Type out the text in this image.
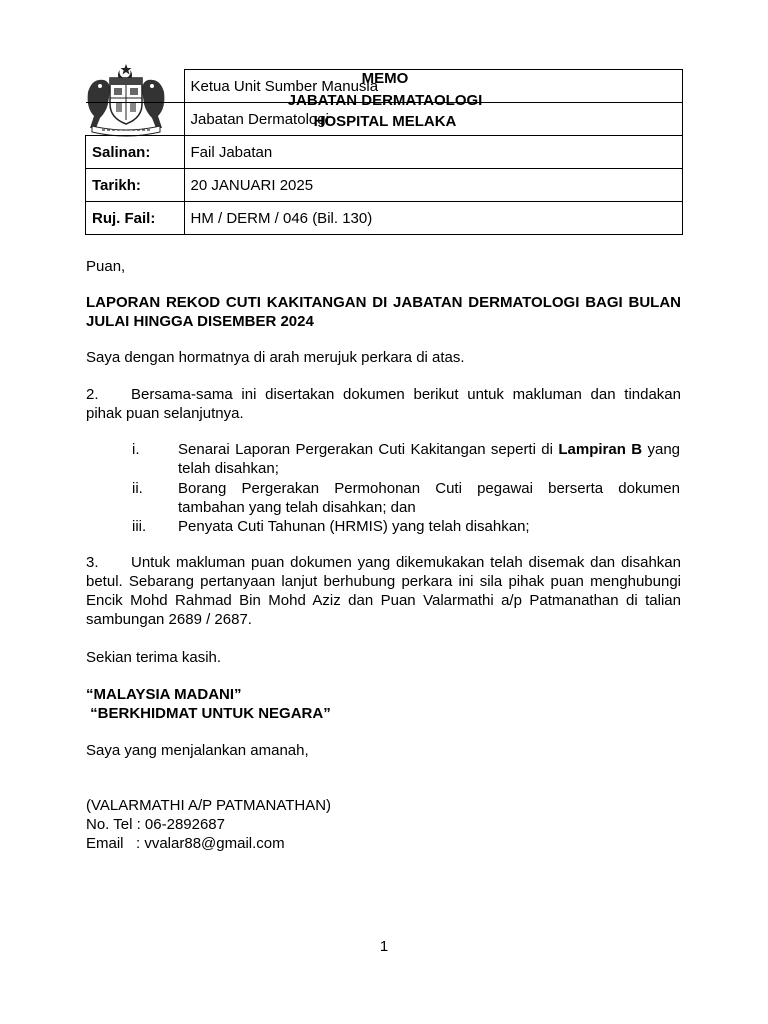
	Ketua Unit Sumber Manusia
	Jabatan Dermatologi
Salinan:	Fail Jabatan
Tarikh:	20 JANUARI 2025
Ruj. Fail:	HM / DERM / 046 (Bil. 130)
MEMO
JABATAN DERMATAOLOGI
HOSPITAL MELAKA
Puan,
LAPORAN REKOD CUTI KAKITANGAN DI JABATAN DERMATOLOGI BAGI BULAN JULAI HINGGA DISEMBER 2024
Saya dengan hormatnya di arah merujuk perkara di atas.
2. Bersama-sama ini disertakan dokumen berikut untuk makluman dan tindakan pihak puan selanjutnya.
i.	Senarai Laporan Pergerakan Cuti Kakitangan seperti di Lampiran B yang telah disahkan;
ii.	Borang Pergerakan Permohonan Cuti pegawai berserta dokumen tambahan yang telah disahkan; dan
iii.	Penyata Cuti Tahunan (HRMIS) yang telah disahkan;
3. Untuk makluman puan dokumen yang dikemukakan telah disemak dan disahkan betul. Sebarang pertanyaan lanjut berhubung perkara ini sila pihak puan menghubungi Encik Mohd Rahmad Bin Mohd Aziz dan Puan Valarmathi a/p Patmanathan di talian sambungan 2689 / 2687.
Sekian terima kasih.
“MALAYSIA MADANI”
“BERKHIDMAT UNTUK NEGARA”
Saya yang menjalankan amanah,
(VALARMATHI A/P PATMANATHAN)
No. Tel : 06-2892687
Email   : vvalar88@gmail.com
1
